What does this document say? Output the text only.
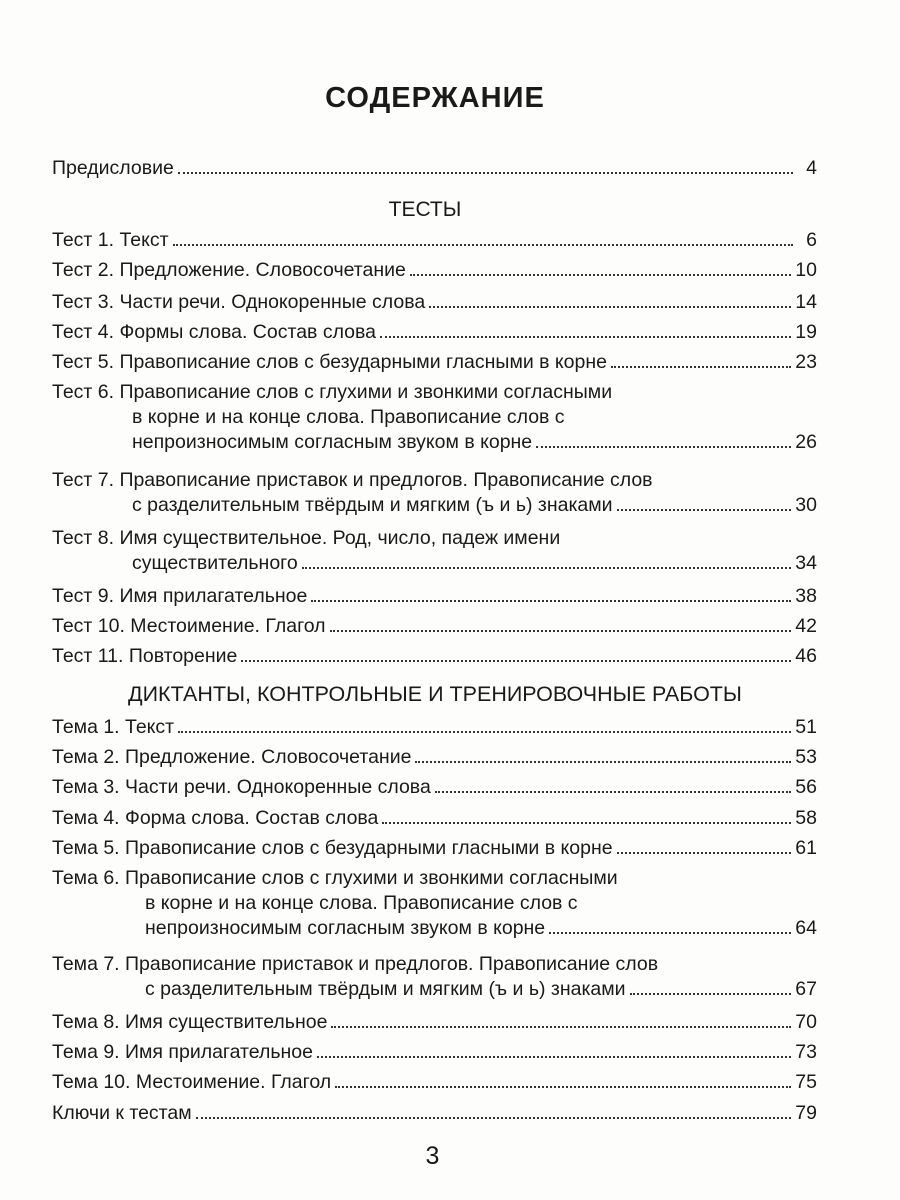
СОДЕРЖАНИЕ
Предисловие	4
ТЕСТЫ
Тест 1. Текст	6
Тест 2. Предложение. Словосочетание	10
Тест 3. Части речи. Однокоренные слова	14
Тест 4. Формы слова. Состав слова	19
Тест 5. Правописание слов с безударными гласными в корне	23
Тест 6. Правописание слов с глухими и звонкими согласными
в корне и на конце слова. Правописание слов с
непроизносимым согласным звуком в корне	26
Тест 7. Правописание приставок и предлогов. Правописание слов
с разделительным твёрдым и мягким (ъ и ь) знаками	30
Тест 8. Имя существительное. Род, число, падеж имени
существительного	34
Тест 9. Имя прилагательное	38
Тест 10. Местоимение. Глагол	42
Тест 11. Повторение	46
ДИКТАНТЫ, КОНТРОЛЬНЫЕ И ТРЕНИРОВОЧНЫЕ РАБОТЫ
Тема 1. Текст	51
Тема 2. Предложение. Словосочетание	53
Тема 3. Части речи. Однокоренные слова	56
Тема 4. Форма слова. Состав слова	58
Тема 5. Правописание слов с безударными гласными в корне	61
Тема 6. Правописание слов с глухими и звонкими согласными
в корне и на конце слова. Правописание слов с
непроизносимым согласным звуком в корне	64
Тема 7. Правописание приставок и предлогов. Правописание слов
с разделительным твёрдым и мягким (ъ и ь) знаками	67
Тема 8. Имя существительное	70
Тема 9. Имя прилагательное	73
Тема 10. Местоимение. Глагол	75
Ключи к тестам	79
3
